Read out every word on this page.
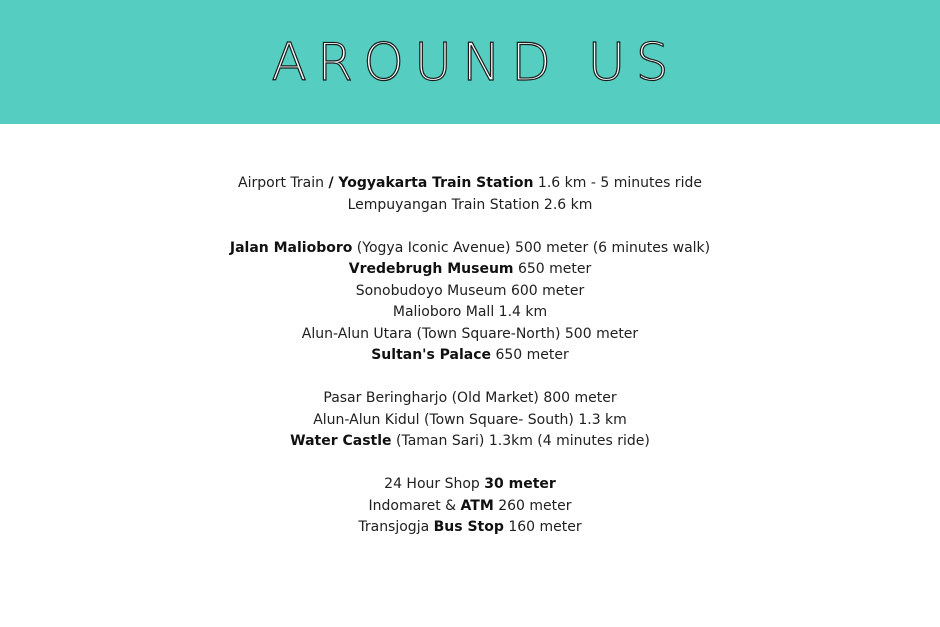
AROUND US
Airport Train / Yogyakarta Train Station 1.6 km - 5 minutes ride
Lempuyangan Train Station 2.6 km
Jalan Malioboro (Yogya Iconic Avenue) 500 meter (6 minutes walk)
Vredebrugh Museum 650 meter
Sonobudoyo Museum 600 meter
Malioboro Mall 1.4 km
Alun-Alun Utara (Town Square-North) 500 meter
Sultan's Palace 650 meter
Pasar Beringharjo (Old Market) 800 meter
Alun-Alun Kidul (Town Square- South) 1.3 km
Water Castle (Taman Sari) 1.3km (4 minutes ride)
24 Hour Shop 30 meter
Indomaret & ATM 260 meter
Transjogja Bus Stop 160 meter
